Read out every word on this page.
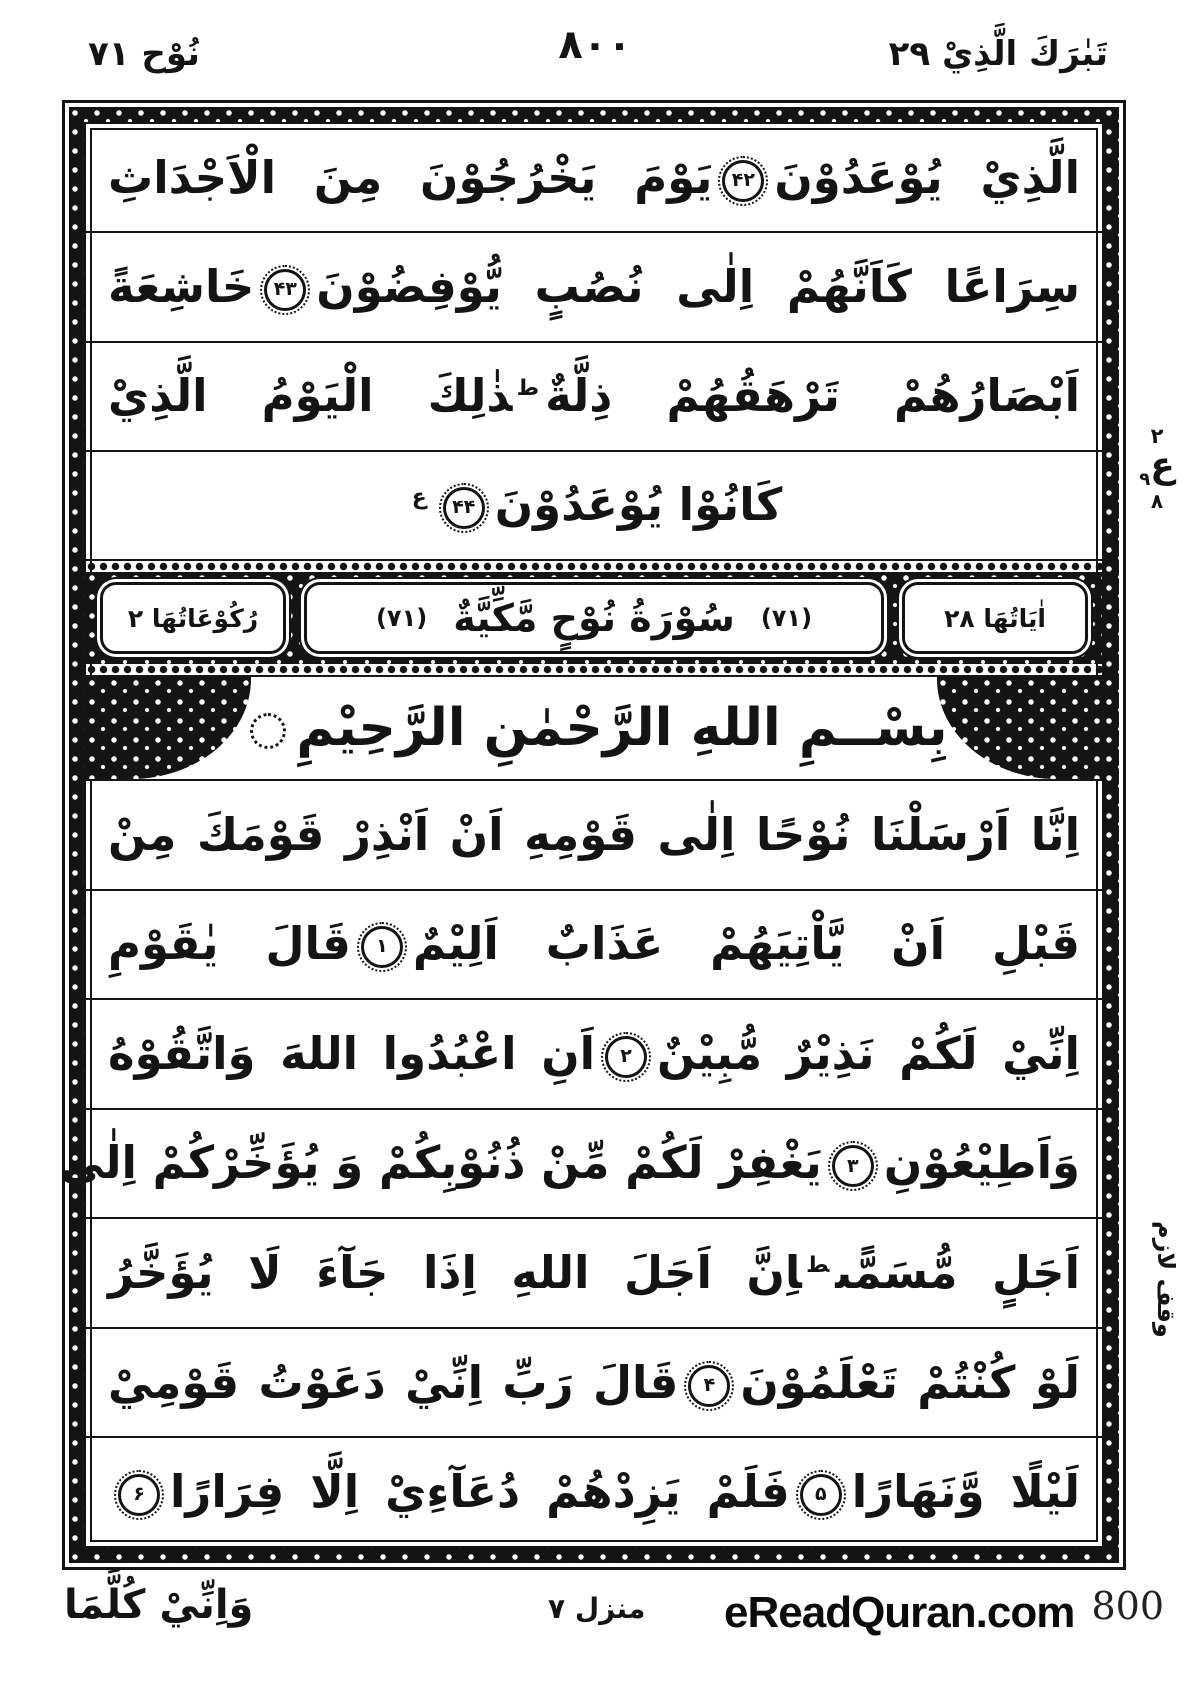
نُوْح ۷۱	۸۰۰	تَبٰرَكَ الَّذِيْ ۲۹
الَّذِيْ يُوْعَدُوْنَ۴۲يَوْمَ يَخْرُجُوْنَ مِنَ الْاَجْدَاثِ
سِرَاعًا كَاَنَّهُمْ اِلٰى نُصُبٍ يُّوْفِضُوْنَ۴۳خَاشِعَةً
اَبْصَارُهُمْ تَرْهَقُهُمْ ذِلَّةٌ$^ط$ذٰلِكَ الْيَوْمُ الَّذِيْ
كَانُوْا $يُوْعَدُوْنَ۴۴^ع$
اٰيَاتُهَا ۲۸
(۷۱)
سُوْرَةُ نُوْحٍ مَّكِّيَّةٌ
(۷۱)
رُكُوْعَاتُهَا ۲
بِسْــمِ اللهِ الرَّحْمٰنِ الرَّحِيْمِ
اِنَّا اَرْسَلْنَا نُوْحًا اِلٰى قَوْمِهِ اَنْ اَنْذِرْ قَوْمَكَ مِنْ
قَبْلِ اَنْ يَّاْتِيَهُمْ عَذَابٌ اَلِيْمٌ۱قَالَ يٰقَوْمِ
اِنِّيْ لَكُمْ نَذِيْرٌ مُّبِيْنٌ۲اَنِ اعْبُدُوا اللهَ وَاتَّقُوْهُ
وَاَطِيْعُوْنِ۳يَغْفِرْ لَكُمْ مِّنْ ذُنُوْبِكُمْ وَ يُؤَخِّرْكُمْ اِلٰى
اَجَلٍ مُّسَمًّى$^ط$اِنَّ اَجَلَ اللهِ اِذَا جَآءَ لَا يُؤَخَّرُ
لَوْ كُنْتُمْ تَعْلَمُوْنَ۴قَالَ رَبِّ اِنِّيْ دَعَوْتُ قَوْمِيْ
لَيْلًا وَّنَهَارًا۵فَلَمْ يَزِدْهُمْ دُعَآءِيْ اِلَّا فِرَارًا۶
۲
ع$_۹$
۸
وقف لازم
وَاِنِّيْ كُلَّمَا	منزل ۷ eReadQuran.com 800
